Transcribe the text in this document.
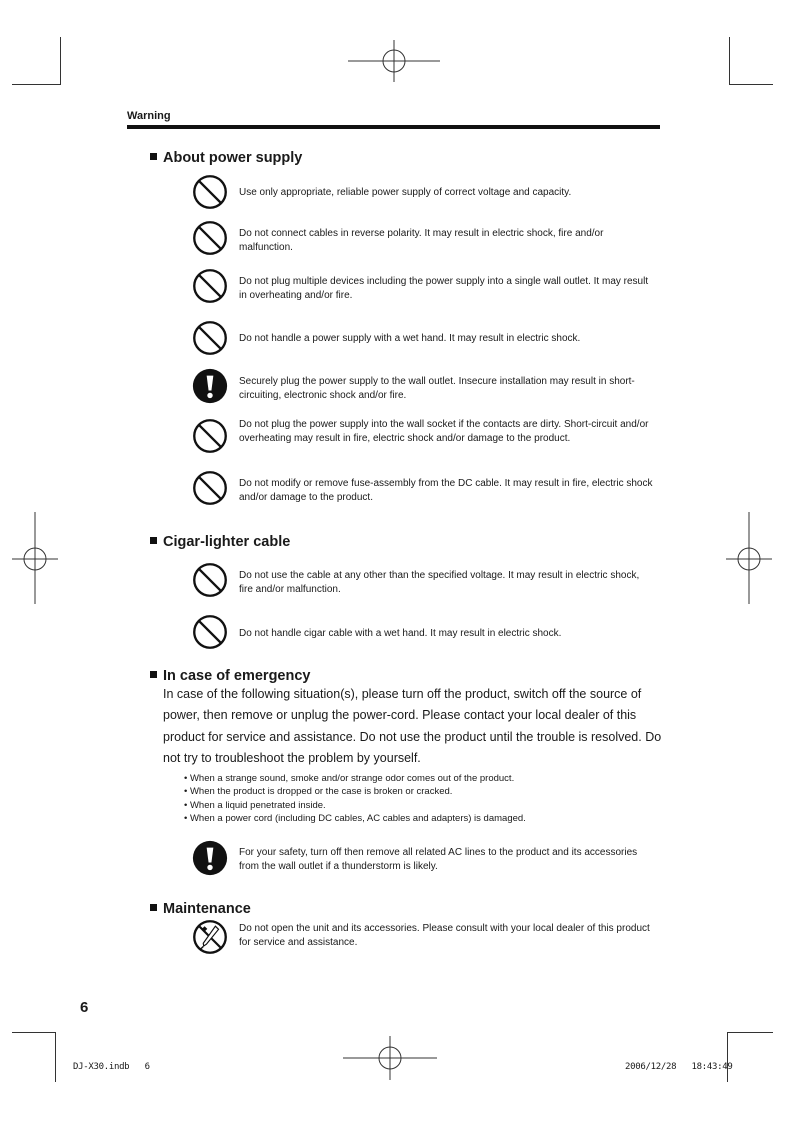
Warning
About power supply
Use only appropriate, reliable power supply of correct voltage and capacity.
Do not connect cables in reverse polarity. It may result in electric shock, fire and/or malfunction.
Do not plug multiple devices including the power supply into a single wall outlet. It may result in overheating and/or fire.
Do not handle a power supply with a wet hand. It may result in electric shock.
Securely plug the power supply to the wall outlet. Insecure installation may result in short-circuiting, electronic shock and/or fire.
Do not plug the power supply into the wall socket if the contacts are dirty. Short-circuit and/or overheating may result in fire, electric shock and/or damage to the product.
Do not modify or remove fuse-assembly from the DC cable. It may result in fire, electric shock and/or damage to the product.
Cigar-lighter cable
Do not use the cable at any other than the specified voltage. It may result in electric shock, fire and/or malfunction.
Do not handle cigar cable with a wet hand. It may result in electric shock.
In case of emergency
In case of the following situation(s), please turn off the product, switch off the source of power, then remove or unplug the power-cord. Please contact your local dealer of this product for service and assistance. Do not use the product until the trouble is resolved. Do not try to troubleshoot the problem by yourself.
• When a strange sound, smoke and/or strange odor comes out of the product.
• When the product is dropped or the case is broken or cracked.
• When a liquid penetrated inside.
• When a power cord (including DC cables, AC cables and adapters) is damaged.
For your safety, turn off then remove all related AC lines to the product and its accessories from the wall outlet if a thunderstorm is likely.
Maintenance
Do not open the unit and its accessories. Please consult with your local dealer of this product for service and assistance.
6
DJ-X30.indb   6	2006/12/28   18:43:49
